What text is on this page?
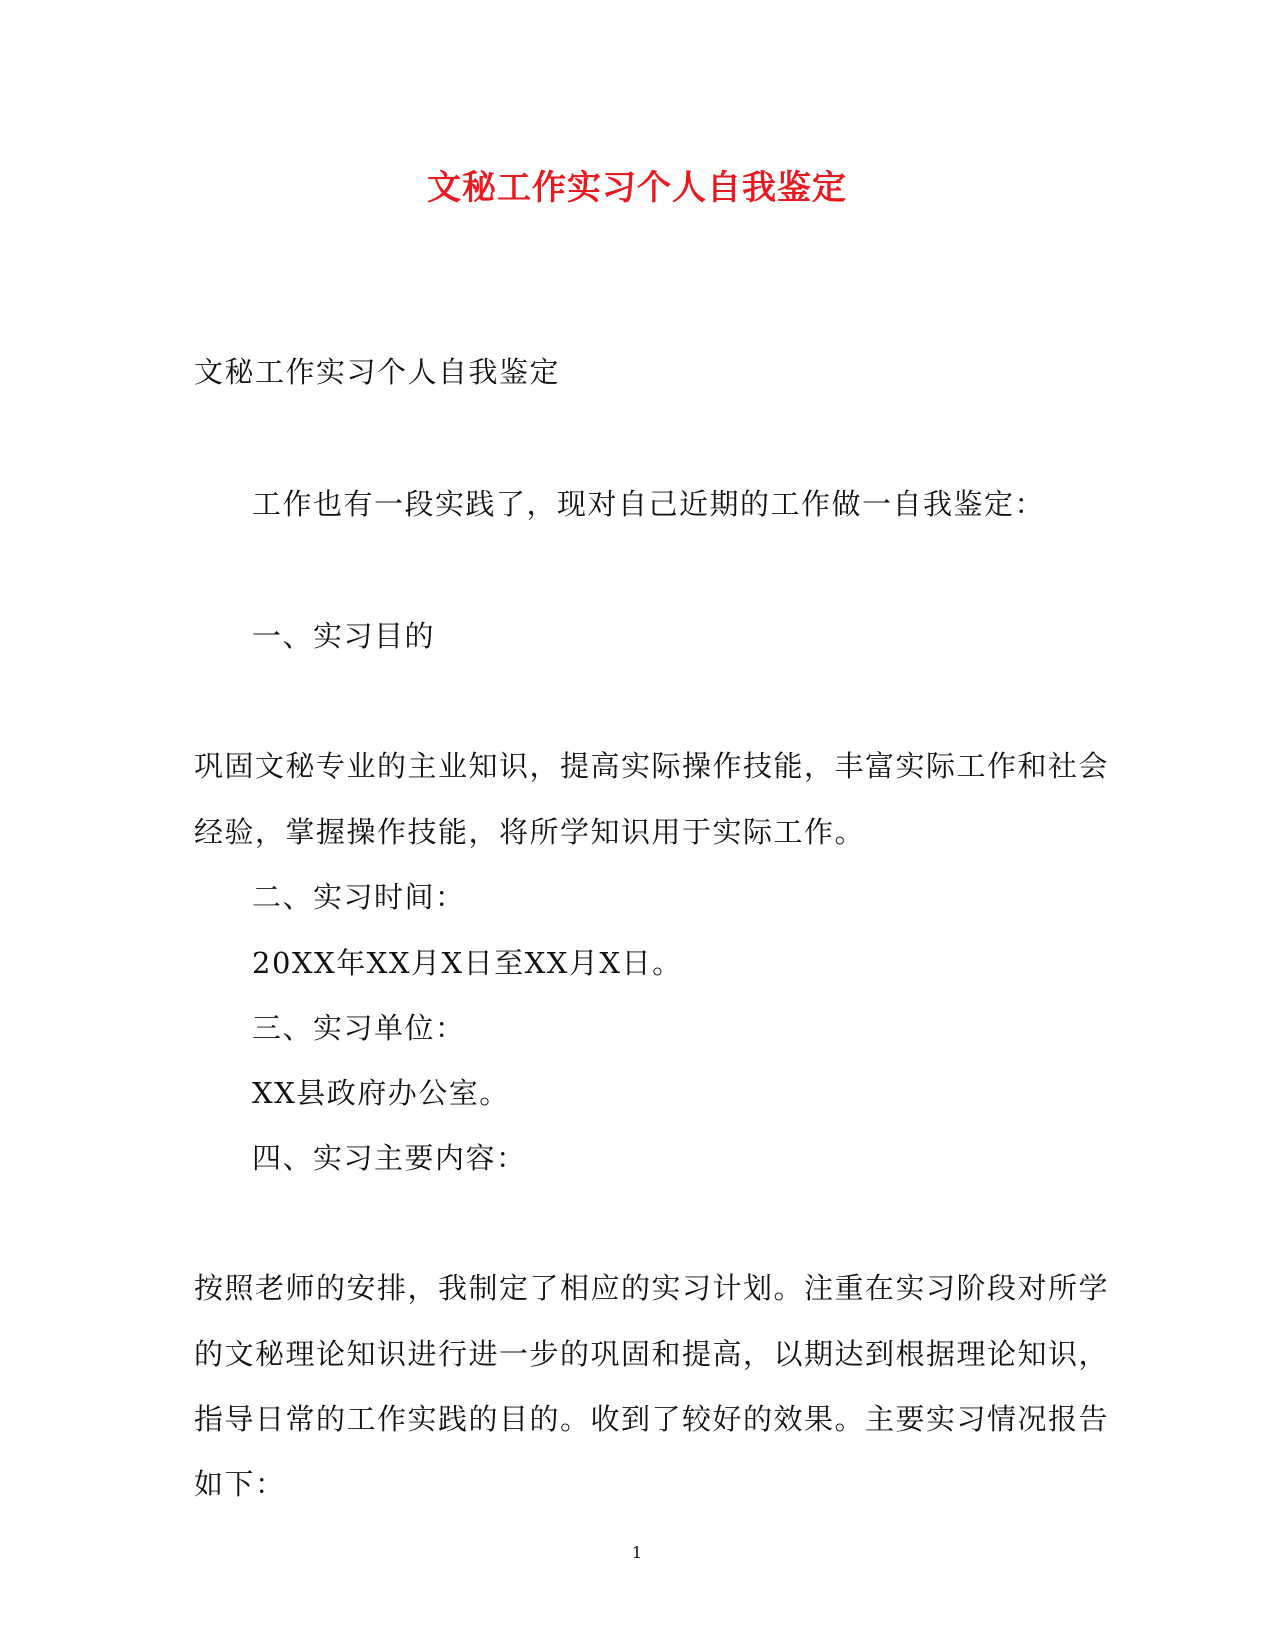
文秘工作实习个人自我鉴定
文秘工作实习个人自我鉴定
工作也有一段实践了，现对自己近期的工作做一自我鉴定：
一、实习目的
巩固文秘专业的主业知识，提高实际操作技能，丰富实际工作和社会
经验，掌握操作技能，将所学知识用于实际工作。
二、实习时间：
20XX年XX月X日至XX月X日。
三、实习单位：
XX县政府办公室。
四、实习主要内容：
按照老师的安排，我制定了相应的实习计划。注重在实习阶段对所学
的文秘理论知识进行进一步的巩固和提高，以期达到根据理论知识，
指导日常的工作实践的目的。收到了较好的效果。主要实习情况报告
如下：
1
